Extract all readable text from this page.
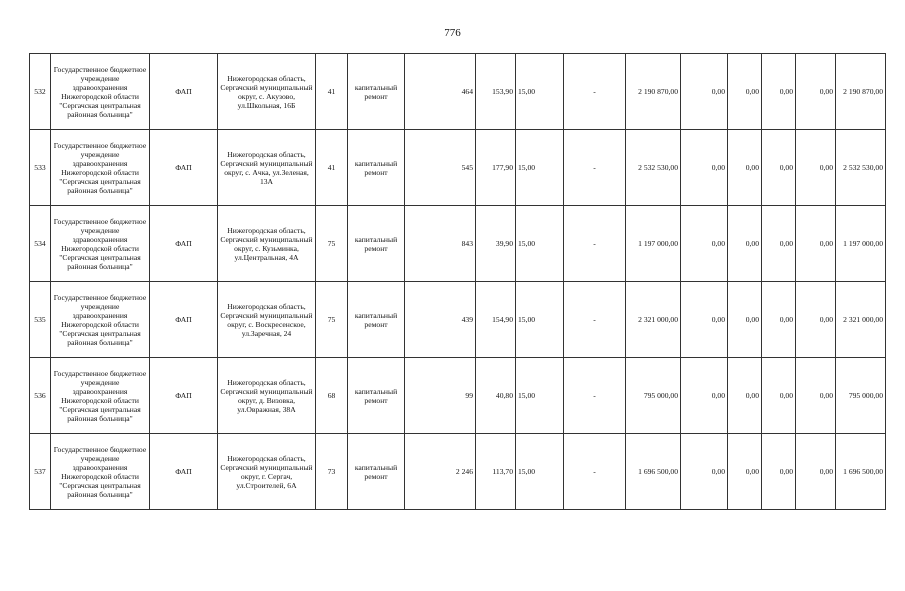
776
532	Государственное бюджетное учреждение здравоохранения Нижегородской области "Сергачская центральная районная больница"	ФАП	Нижегородская область, Сергачский муниципальный округ, с. Акузово, ул.Школьная, 16Б	41	капитальный ремонт	464	153,90	15,00	-	2 190 870,00	0,00	0,00	0,00	0,00	2 190 870,00
533	Государственное бюджетное учреждение здравоохранения Нижегородской области "Сергачская центральная районная больница"	ФАП	Нижегородская область, Сергачский муниципальный округ, с. Ачка, ул.Зеленая, 13А	41	капитальный ремонт	545	177,90	15,00	-	2 532 530,00	0,00	0,00	0,00	0,00	2 532 530,00
534	Государственное бюджетное учреждение здравоохранения Нижегородской области "Сергачская центральная районная больница"	ФАП	Нижегородская область, Сергачский муниципальный округ, с. Кузьминка, ул.Центральная, 4А	75	капитальный ремонт	843	39,90	15,00	-	1 197 000,00	0,00	0,00	0,00	0,00	1 197 000,00
535	Государственное бюджетное учреждение здравоохранения Нижегородской области "Сергачская центральная районная больница"	ФАП	Нижегородская область, Сергачский муниципальный округ, с. Воскресенское, ул.Заречная, 24	75	капитальный ремонт	439	154,90	15,00	-	2 321 000,00	0,00	0,00	0,00	0,00	2 321 000,00
536	Государственное бюджетное учреждение здравоохранения Нижегородской области "Сергачская центральная районная больница"	ФАП	Нижегородская область, Сергачский муниципальный округ, д. Визовка, ул.Овражная, 38А	68	капитальный ремонт	99	40,80	15,00	-	795 000,00	0,00	0,00	0,00	0,00	795 000,00
537	Государственное бюджетное учреждение здравоохранения Нижегородской области "Сергачская центральная районная больница"	ФАП	Нижегородская область, Сергачский муниципальный округ, г. Сергач, ул.Строителей, 6А	73	капитальный ремонт	2 246	113,70	15,00	-	1 696 500,00	0,00	0,00	0,00	0,00	1 696 500,00
